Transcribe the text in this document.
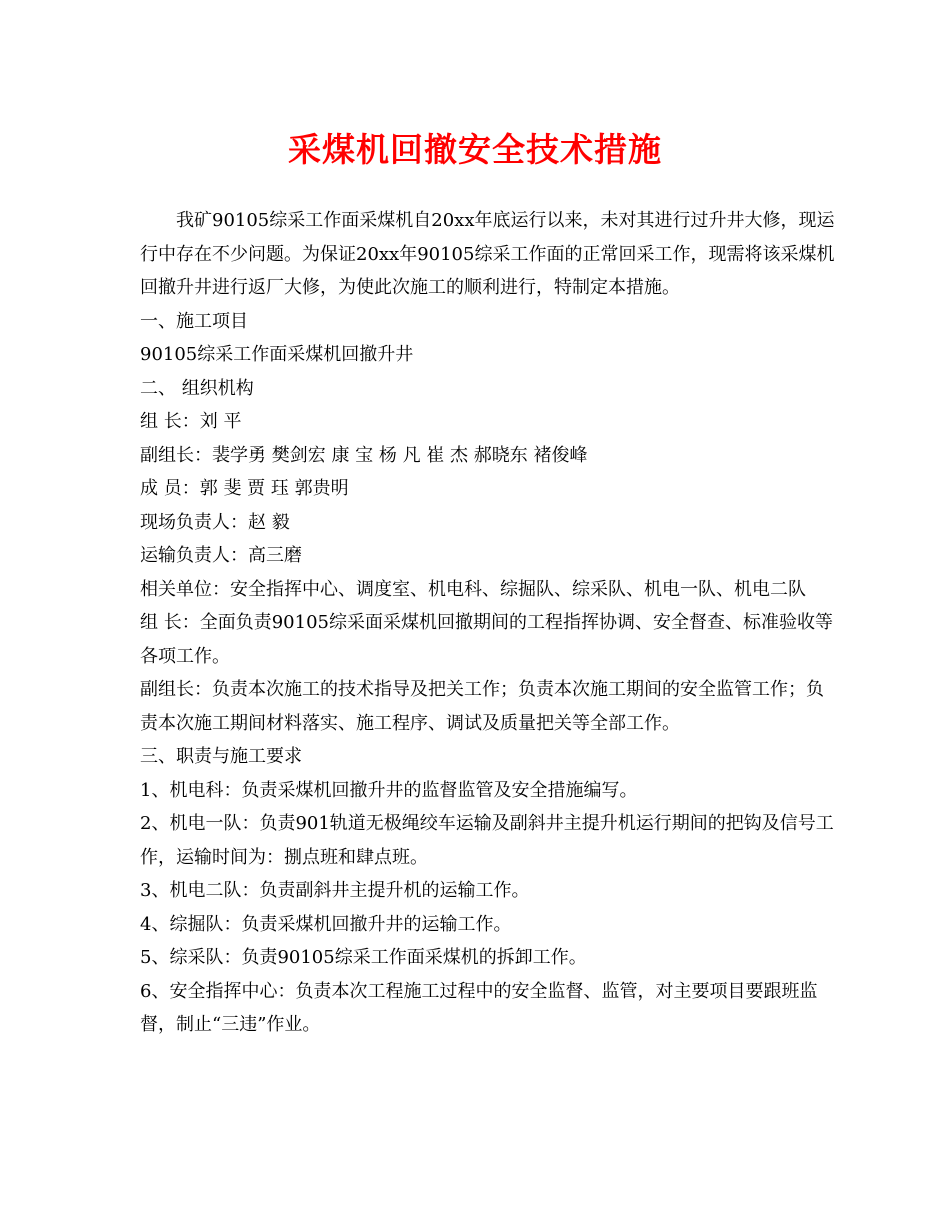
采煤机回撤安全技术措施

我矿90105综采工作面采煤机自20xx年底运行以来，未对其进行过升井大修，现运行中存在不少问题。为保证20xx年90105综采工作面的正常回采工作，现需将该采煤机回撤升井进行返厂大修，为使此次施工的顺利进行，特制定本措施。

一、施工项目

90105综采工作面采煤机回撤升井

二、 组织机构

组 长：刘 平

副组长：裴学勇 樊剑宏 康 宝 杨 凡 崔 杰 郝晓东 褚俊峰

成 员：郭 斐 贾 珏 郭贵明

现场负责人：赵 毅

运输负责人：高三磨

相关单位：安全指挥中心、调度室、机电科、综掘队、综采队、机电一队、机电二队

组 长：全面负责90105综采面采煤机回撤期间的工程指挥协调、安全督查、标准验收等各项工作。

副组长：负责本次施工的技术指导及把关工作；负责本次施工期间的安全监管工作；负责本次施工期间材料落实、施工程序、调试及质量把关等全部工作。

三、职责与施工要求

1、机电科：负责采煤机回撤升井的监督监管及安全措施编写。

2、机电一队：负责901轨道无极绳绞车运输及副斜井主提升机运行期间的把钩及信号工作，运输时间为：捌点班和肆点班。

3、机电二队：负责副斜井主提升机的运输工作。

4、综掘队：负责采煤机回撤升井的运输工作。

5、综采队：负责90105综采工作面采煤机的拆卸工作。

6、安全指挥中心：负责本次工程施工过程中的安全监督、监管，对主要项目要跟班监督，制止“三违”作业。
